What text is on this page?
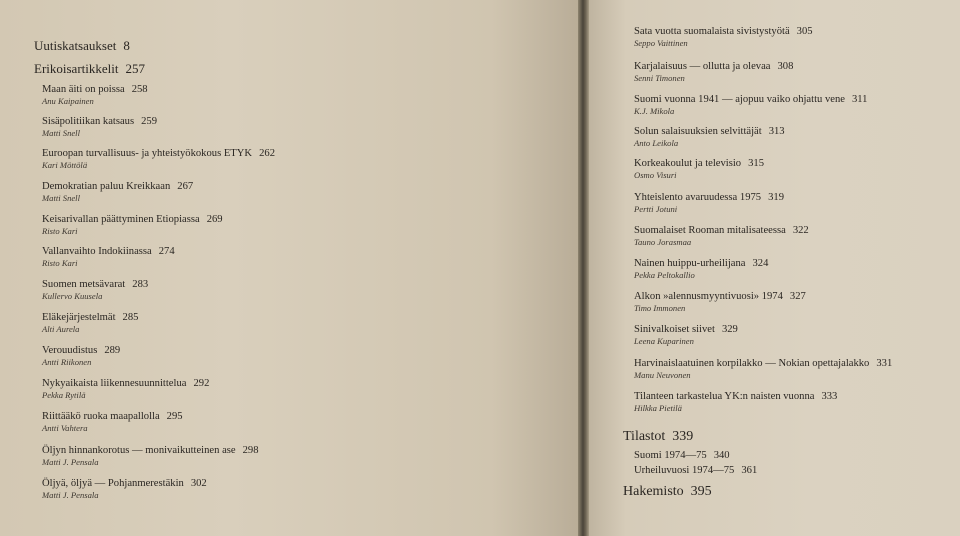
Uutiskatsaukset 8
Erikoisartikkelit 257
Maan äiti on poissa 258
Anu Kaipainen
Sisäpolitiikan katsaus 259
Matti Snell
Euroopan turvallisuus- ja yhteistyökokous ETYK 262
Kari Möttölä
Demokratian paluu Kreikkaan 267
Matti Snell
Keisarivallan päättyminen Etiopiassa 269
Risto Kari
Vallanvaihto Indokiinassa 274
Risto Kari
Suomen metsävarat 283
Kullervo Kuusela
Eläkejärjestelmät 285
Alti Aurela
Verouudistus 289
Antti Riikonen
Nykyaikaista liikennesuunnittelua 292
Pekka Rytilä
Riittääkö ruoka maapallolla 295
Antti Vahtera
Öljyn hinnankorotus — monivaikutteinen ase 298
Matti J. Pensala
Öljyä, öljyä — Pohjanmerestäkin 302
Matti J. Pensala
Sata vuotta suomalaista sivistystyötä 305
Seppo Vaittinen
Karjalaisuus — ollutta ja olevaa 308
Senni Timonen
Suomi vuonna 1941 — ajopuu vaiko ohjattu vene 311
K.J. Mikola
Solun salaisuuksien selvittäjät 313
Anto Leikola
Korkeakoulut ja televisio 315
Osmo Visuri
Yhteislento avaruudessa 1975 319
Pertti Jotuni
Suomalaiset Rooman mitalisateessa 322
Tauno Jorasmaa
Nainen huippu-urheilijana 324
Pekka Peltokallio
Alkon »alennusmyyntivuosi» 1974 327
Timo Immonen
Sinivalkoiset siivet 329
Leena Kuparinen
Harvinaislaatuinen korpilakko — Nokian opettajalakko 331
Manu Neuvonen
Tilanteen tarkastelua YK:n naisten vuonna 333
Hilkka Pietilä
Tilastot 339
Suomi 1974—75 340
Urheiluvuosi 1974—75 361
Hakemisto 395
